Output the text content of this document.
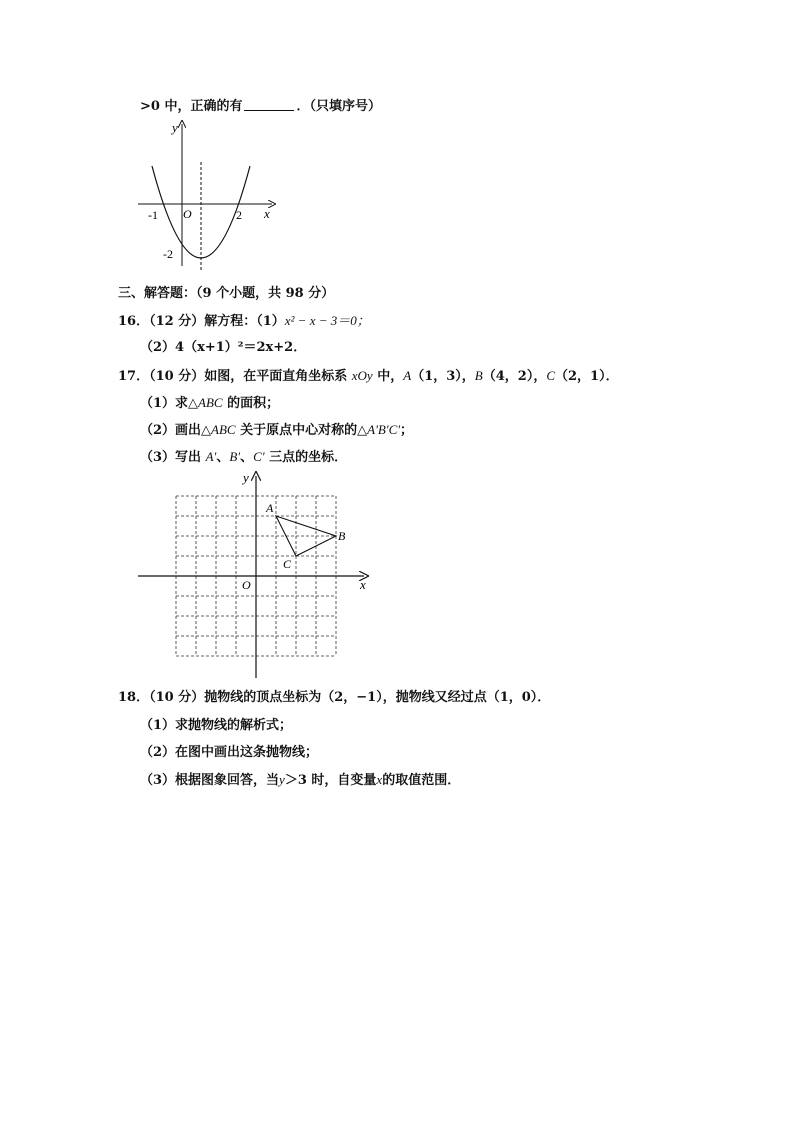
>0 中，正确的有	．（只填序号）
y
x
O
-1	2
-2
三、解答题：（9 个小题，共 98 分）
16．（12 分）解方程：（1）x² − x − 3＝0；
（2）4（x+1）²＝2x+2．
17．（10 分）如图，在平面直角坐标系 xOy 中，A（1，3），B（4，2），C（2，1）．
（1）求△ABC 的面积；
（2）画出△ABC 关于原点中心对称的△A'B'C'；
（3）写出 A'、B'、C' 三点的坐标．
y
x
O
A
B
C
18．（10 分）抛物线的顶点坐标为（2，−1），抛物线又经过点（1，0）．
（1）求抛物线的解析式；
（2）在图中画出这条抛物线；
（3）根据图象回答，当y＞3 时，自变量x的取值范围．
